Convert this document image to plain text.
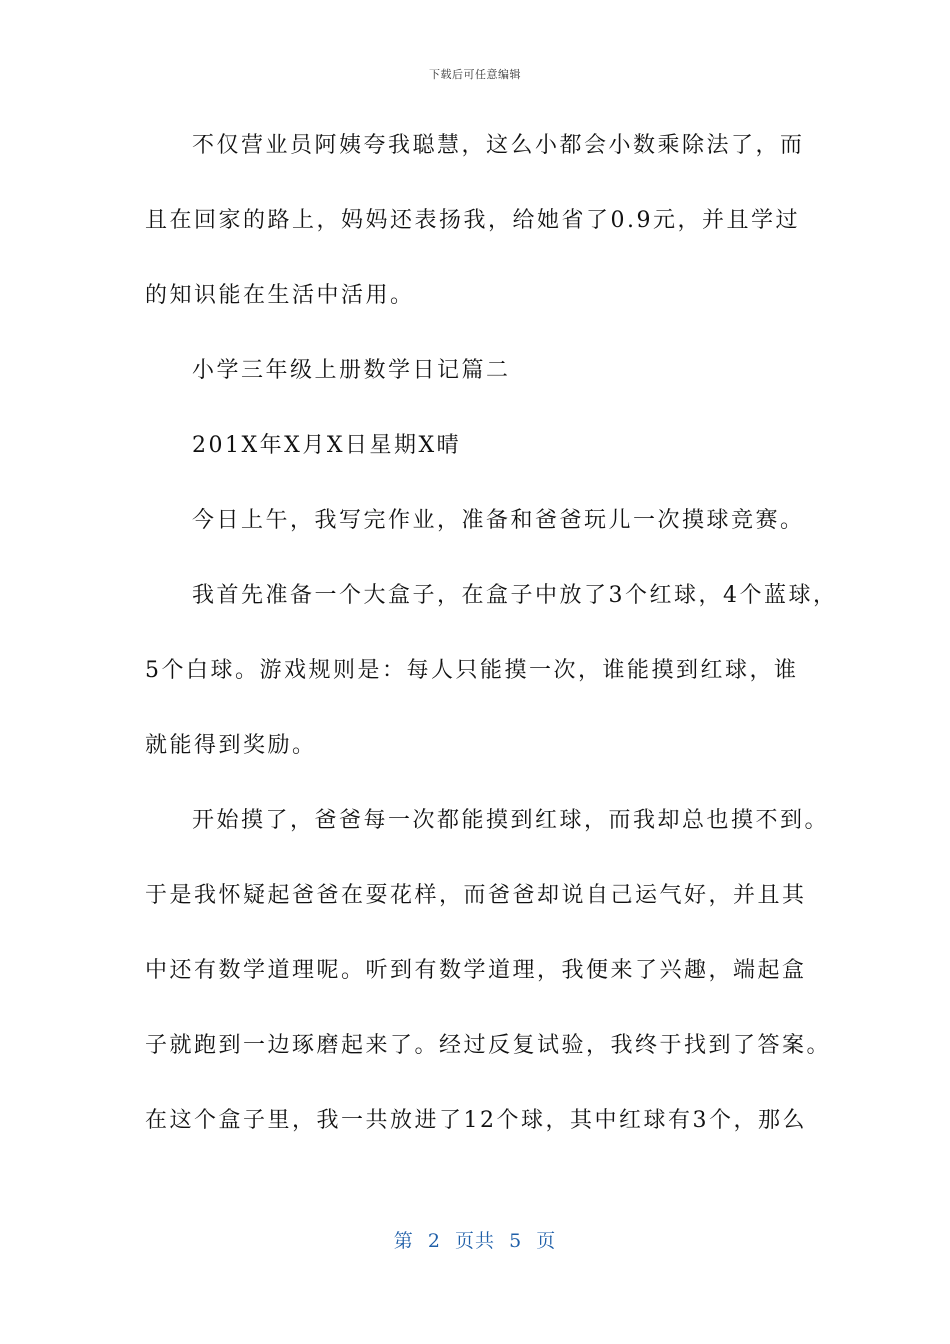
下载后可任意编辑
不仅营业员阿姨夸我聪慧，这么小都会小数乘除法了，而
且在回家的路上，妈妈还表扬我，给她省了0.9元，并且学过
的知识能在生活中活用。
小学三年级上册数学日记篇二
201X年X月X日星期X晴
今日上午，我写完作业，准备和爸爸玩儿一次摸球竞赛。
我首先准备一个大盒子，在盒子中放了3个红球，4个蓝球，
5个白球。游戏规则是：每人只能摸一次，谁能摸到红球，谁
就能得到奖励。
开始摸了，爸爸每一次都能摸到红球，而我却总也摸不到。
于是我怀疑起爸爸在耍花样，而爸爸却说自己运气好，并且其
中还有数学道理呢。听到有数学道理，我便来了兴趣，端起盒
子就跑到一边琢磨起来了。经过反复试验，我终于找到了答案。
在这个盒子里，我一共放进了12个球，其中红球有3个，那么
第  2  页共  5  页
